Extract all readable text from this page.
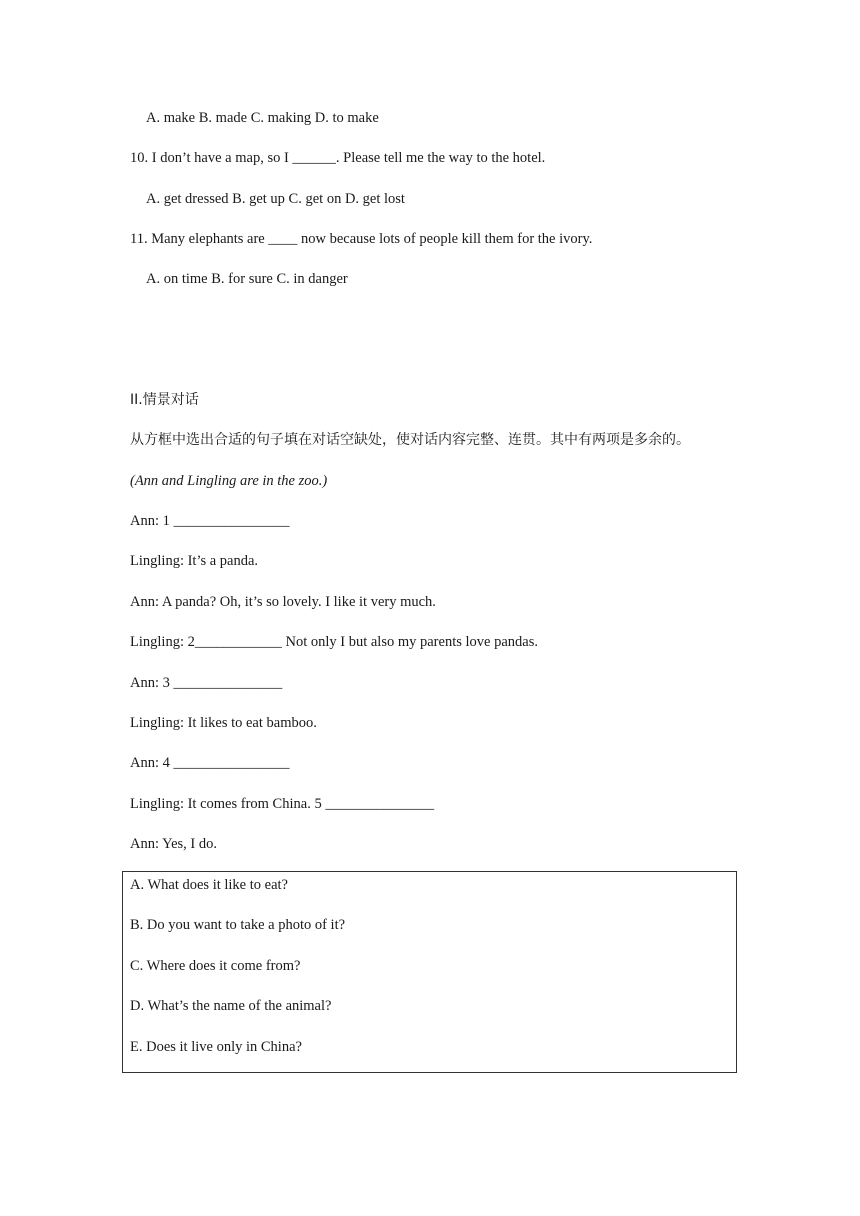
A. make B. made C. making D. to make
10. I don’t have a map, so I ______. Please tell me the way to the hotel.
A. get dressed B. get up C. get on D. get lost
11. Many elephants are ____ now because lots of people kill them for the ivory.
A. on time B. for sure C. in danger
II.情景对话
从方框中选出合适的句子填在对话空缺处，使对话内容完整、连贯。其中有两项是多余的。
(Ann and Lingling are in the zoo.)
Ann: 1 ________________
Lingling: It’s a panda.
Ann: A panda? Oh, it’s so lovely. I like it very much.
Lingling: 2____________ Not only I but also my parents love pandas.
Ann: 3 _______________
Lingling: It likes to eat bamboo.
Ann: 4 ________________
Lingling: It comes from China. 5 _______________
Ann: Yes, I do.
A. What does it like to eat?
B. Do you want to take a photo of it?
C. Where does it come from?
D. What’s the name of the animal?
E. Does it live only in China?
